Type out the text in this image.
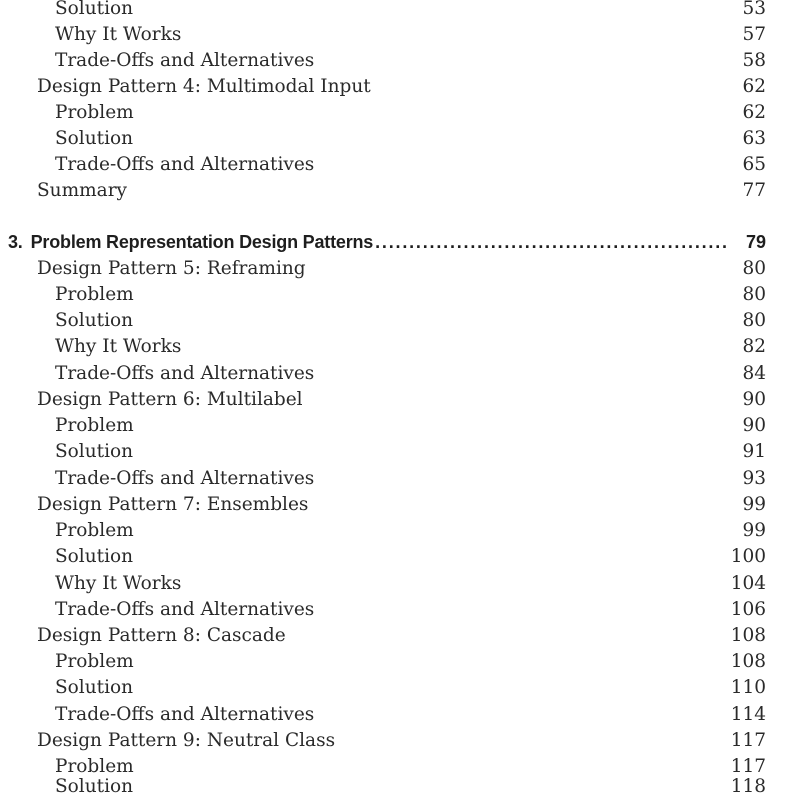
Solution	53
Why It Works	57
Trade-Offs and Alternatives	58
Design Pattern 4: Multimodal Input	62
Problem	62
Solution	63
Trade-Offs and Alternatives	65
Summary	77
3. Problem Representation Design Patterns . . .	79
Design Pattern 5: Reframing	80
Problem	80
Solution	80
Why It Works	82
Trade-Offs and Alternatives	84
Design Pattern 6: Multilabel	90
Problem	90
Solution	91
Trade-Offs and Alternatives	93
Design Pattern 7: Ensembles	99
Problem	99
Solution	100
Why It Works	104
Trade-Offs and Alternatives	106
Design Pattern 8: Cascade	108
Problem	108
Solution	110
Trade-Offs and Alternatives	114
Design Pattern 9: Neutral Class	117
Problem	117
Solution	118
